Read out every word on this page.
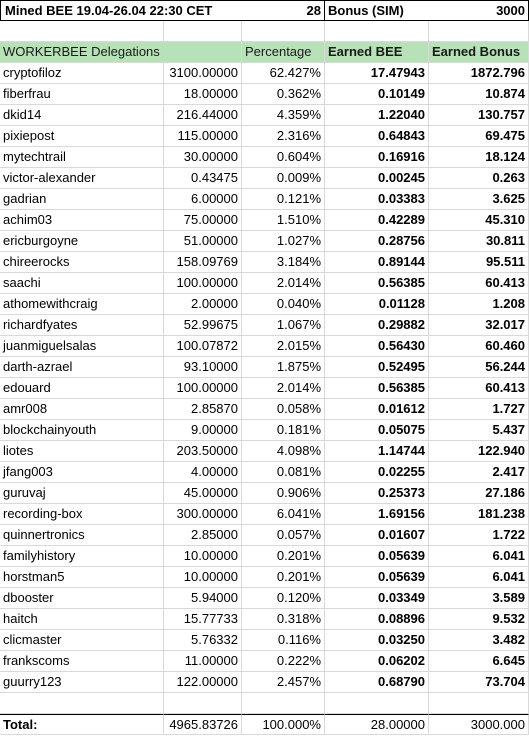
Mined BEE 19.04-26.04 22:30 CET	28 Bonus (SIM)	3000
WORKERBEE Delegations	Percentage	Earned BEE	Earned Bonus
cryptofiloz	3100.00000	62.427%	17.47943	1872.796
fiberfrau	18.00000	0.362%	0.10149	10.874
dkid14	216.44000	4.359%	1.22040	130.757
pixiepost	115.00000	2.316%	0.64843	69.475
mytechtrail	30.00000	0.604%	0.16916	18.124
victor-alexander	0.43475	0.009%	0.00245	0.263
gadrian	6.00000	0.121%	0.03383	3.625
achim03	75.00000	1.510%	0.42289	45.310
ericburgoyne	51.00000	1.027%	0.28756	30.811
chireerocks	158.09769	3.184%	0.89144	95.511
saachi	100.00000	2.014%	0.56385	60.413
athomewithcraig	2.00000	0.040%	0.01128	1.208
richardfyates	52.99675	1.067%	0.29882	32.017
juanmiguelsalas	100.07872	2.015%	0.56430	60.460
darth-azrael	93.10000	1.875%	0.52495	56.244
edouard	100.00000	2.014%	0.56385	60.413
amr008	2.85870	0.058%	0.01612	1.727
blockchainyouth	9.00000	0.181%	0.05075	5.437
liotes	203.50000	4.098%	1.14744	122.940
jfang003	4.00000	0.081%	0.02255	2.417
guruvaj	45.00000	0.906%	0.25373	27.186
recording-box	300.00000	6.041%	1.69156	181.238
quinnertronics	2.85000	0.057%	0.01607	1.722
familyhistory	10.00000	0.201%	0.05639	6.041
horstman5	10.00000	0.201%	0.05639	6.041
dbooster	5.94000	0.120%	0.03349	3.589
haitch	15.77733	0.318%	0.08896	9.532
clicmaster	5.76332	0.116%	0.03250	3.482
frankscoms	11.00000	0.222%	0.06202	6.645
guurry123	122.00000	2.457%	0.68790	73.704
Total:	4965.83726	100.000%	28.00000	3000.000
